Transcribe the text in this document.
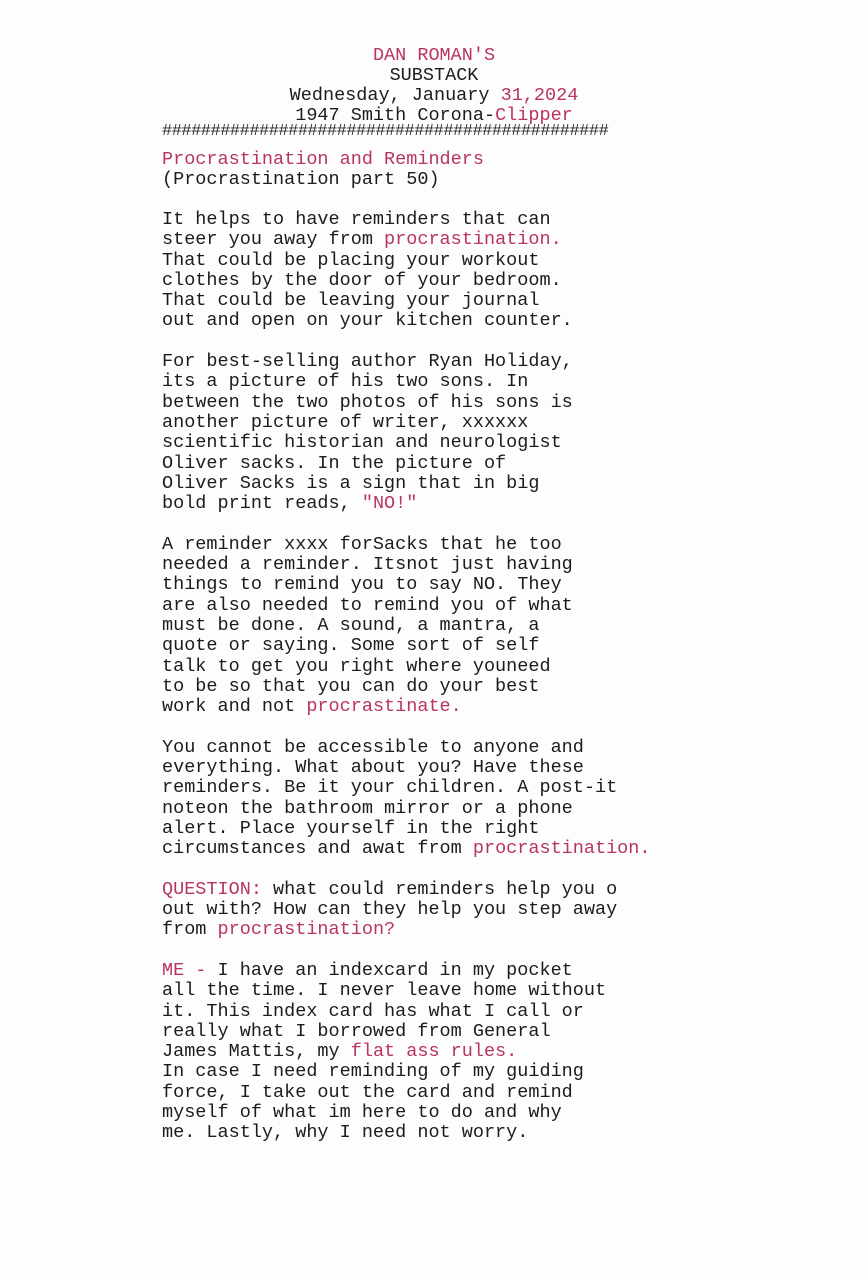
DAN ROMAN'S
SUBSTACK
Wednesday, January 31,2024
1947 Smith Corona-Clipper
##############################################
Procrastination and Reminders
(Procrastination part 50)
It helps to have reminders that can
steer you away from procrastination.
That could be placing your workout
clothes by the door of your bedroom.
That could be leaving your journal
out and open on your kitchen counter.
For best-selling author Ryan Holiday,
its a picture of his two sons. In
between the two photos of his sons is
another picture of writer, xxxxxx
scientific historian and neurologist
Oliver sacks. In the picture of
Oliver Sacks is a sign that in big
bold print reads, "NO!"
A reminder xxxx forSacks that he too
needed a reminder. Itsnot just having
things to remind you to say NO. They
are also needed to remind you of what
must be done. A sound, a mantra, a
quote or saying. Some sort of self
talk to get you right where youneed
to be so that you can do your best
work and not procrastinate.
You cannot be accessible to anyone and
everything. What about you? Have these
reminders. Be it your children. A post-it
noteon the bathroom mirror or a phone
alert. Place yourself in the right
circumstances and awat from procrastination.
QUESTION: what could reminders help you o
out with? How can they help you step away
from procrastination?
ME - I have an indexcard in my pocket
all the time. I never leave home without
it. This index card has what I call or
really what I borrowed from General
James Mattis, my flat ass rules.
In case I need reminding of my guiding
force, I take out the card and remind
myself of what im here to do and why
me. Lastly, why I need not worry.
